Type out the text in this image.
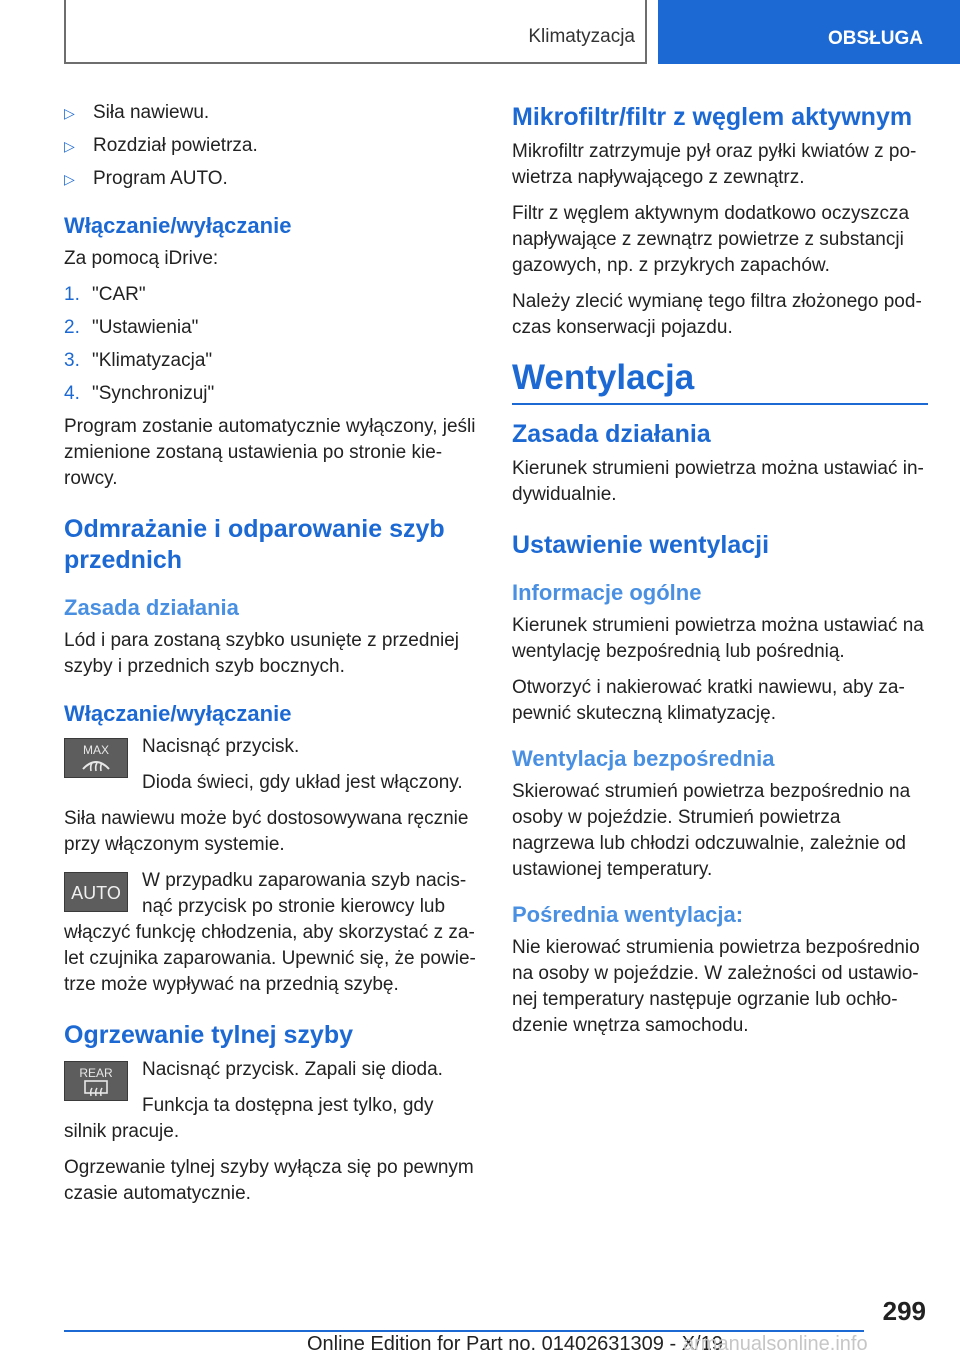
Klimatyzacja	OBSŁUGA
▷ Siła nawiewu.
▷ Rozdział powietrza.
▷ Program AUTO.
Włączanie/wyłączanie

Za pomocą iDrive:

1. "CAR"
2. "Ustawienia"
3. "Klimatyzacja"
4. "Synchronizuj"

Program zostanie automatycznie wyłączony, jeśli zmienione zostaną ustawienia po stronie kierowcy.

Odmrażanie i odparowanie szyb przednich
Zasada działania

Lód i para zostaną szybko usunięte z przedniej szyby i przednich szyb bocznych.

Włączanie/wyłączanie
MAX	Nacisnąć przycisk.

Dioda świeci, gdy układ jest włączony.

Siła nawiewu może być dostosowywana ręcznie przy włączonym systemie.

AUTO

W przypadku zaparowania szyb nacisnąć przycisk po stronie kierowcy lub włączyć funkcję chłodzenia, aby skorzystać z zalet czujnika zaparowania. Upewnić się, że powietrze może wypływać na przednią szybę.

Ogrzewanie tylnej szyby
REAR	Nacisnąć przycisk. Zapali się dioda.

Funkcja ta dostępna jest tylko, gdy silnik pracuje.

Ogrzewanie tylnej szyby wyłącza się po pewnym czasie automatycznie.

Mikrofiltr/filtr z węglem aktywnym

Mikrofiltr zatrzymuje pył oraz pyłki kwiatów z powietrza napływającego z zewnątrz.

Filtr z węglem aktywnym dodatkowo oczyszcza napływające z zewnątrz powietrze z substancji gazowych, np. z przykrych zapachów.

Należy zlecić wymianę tego filtra złożonego podczas konserwacji pojazdu.

Wentylacja
Zasada działania

Kierunek strumieni powietrza można ustawiać indywidualnie.

Ustawienie wentylacji
Informacje ogólne

Kierunek strumieni powietrza można ustawiać na wentylację bezpośrednią lub pośrednią.

Otworzyć i nakierować kratki nawiewu, aby zapewnić skuteczną klimatyzację.

Wentylacja bezpośrednia

Skierować strumień powietrza bezpośrednio na osoby w pojeździe. Strumień powietrza nagrzewa lub chłodzi odczuwalnie, zależnie od ustawionej temperatury.

Pośrednia wentylacja:

Nie kierować strumienia powietrza bezpośrednio na osoby w pojeździe. W zależności od ustawionej temperatury następuje ogrzanie lub ochłodzenie wnętrza samochodu.

299
Online Edition for Part no. 01402631309 - X/19
armanualsonline.info
